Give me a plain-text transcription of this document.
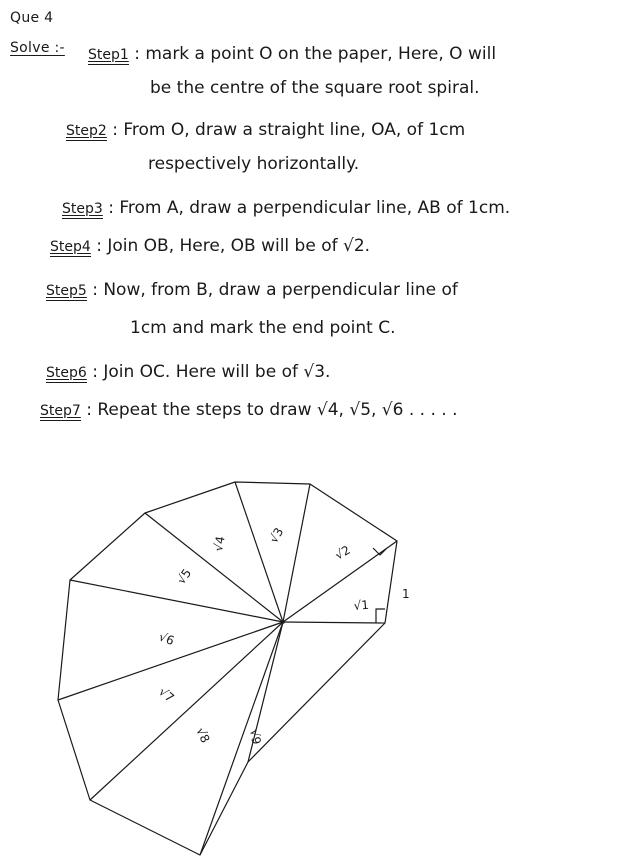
Que 4
Solve :- Step1 : mark a point O on the paper, Here, O will
be the centre of the square root spiral.
Step2 : From O, draw a straight line, OA, of 1cm
respectively horizontally.
Step3 : From A, draw a perpendicular line, AB of 1cm.
Step4 : Join OB, Here, OB will be of √2.
Step5 : Now, from B, draw a perpendicular line of
1cm and mark the end point C.
Step6 : Join OC. Here will be of √3.
Step7 : Repeat the steps to draw √4, √5, √6 . . . . .
1
√1
√2
√3
√4
√5
√6
√7
√8	√9
